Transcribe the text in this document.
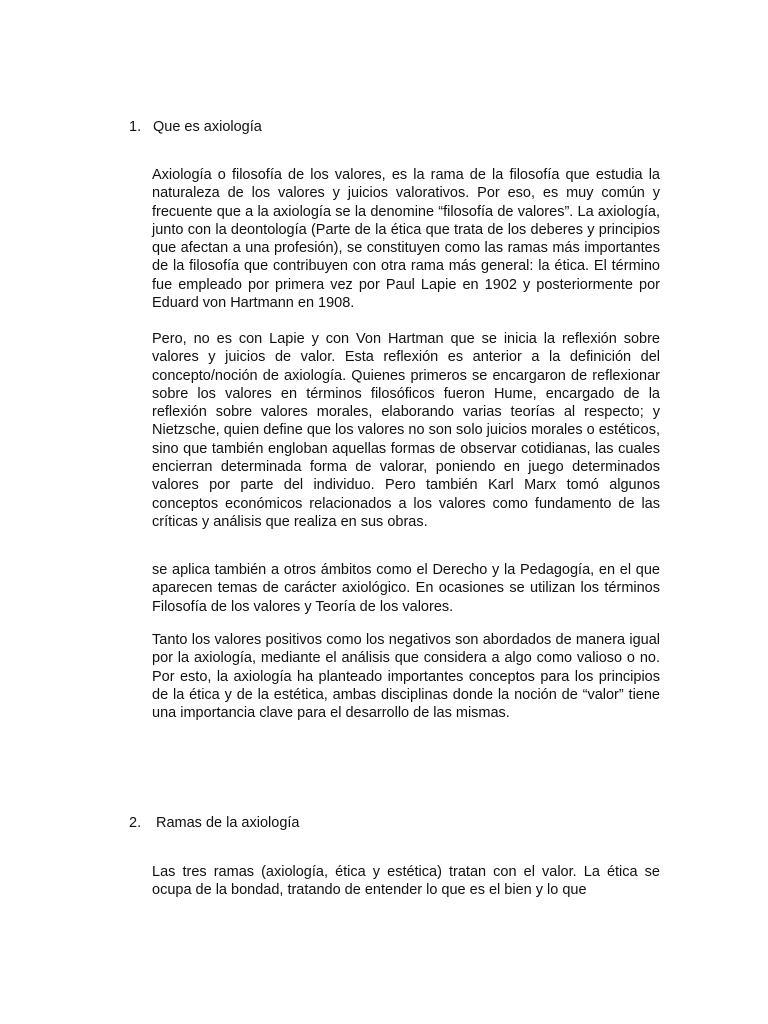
1. Que es axiología

Axiología o filosofía de los valores, es la rama de la filosofía que estudia la naturaleza de los valores y juicios valorativos. Por eso, es muy común y frecuente que a la axiología se la denomine “filosofía de valores”. La axiología, junto con la deontología (Parte de la ética que trata de los deberes y principios que afectan a una profesión), se constituyen como las ramas más importantes de la filosofía que contribuyen con otra rama más general: la ética. El término fue empleado por primera vez por Paul Lapie en 1902 y posteriormente por Eduard von Hartmann en 1908.

Pero, no es con Lapie y con Von Hartman que se inicia la reflexión sobre valores y juicios de valor. Esta reflexión es anterior a la definición del concepto/noción de axiología. Quienes primeros se encargaron de reflexionar sobre los valores en términos filosóficos fueron Hume, encargado de la reflexión sobre valores morales, elaborando varias teorías al respecto; y Nietzsche, quien define que los valores no son solo juicios morales o estéticos, sino que también engloban aquellas formas de observar cotidianas, las cuales encierran determinada forma de valorar, poniendo en juego determinados valores por parte del individuo. Pero también Karl Marx tomó algunos conceptos económicos relacionados a los valores como fundamento de las críticas y análisis que realiza en sus obras.

se aplica también a otros ámbitos como el Derecho y la Pedagogía, en el que aparecen temas de carácter axiológico. En ocasiones se utilizan los términos Filosofía de los valores y Teoría de los valores.

Tanto los valores positivos como los negativos son abordados de manera igual por la axiología, mediante el análisis que considera a algo como valioso o no. Por esto, la axiología ha planteado importantes conceptos para los principios de la ética y de la estética, ambas disciplinas donde la noción de “valor” tiene una importancia clave para el desarrollo de las mismas.

2.	Ramas de la axiología

Las tres ramas (axiología, ética y estética) tratan con el valor. La ética se ocupa de la bondad, tratando de entender lo que es el bien y lo que
